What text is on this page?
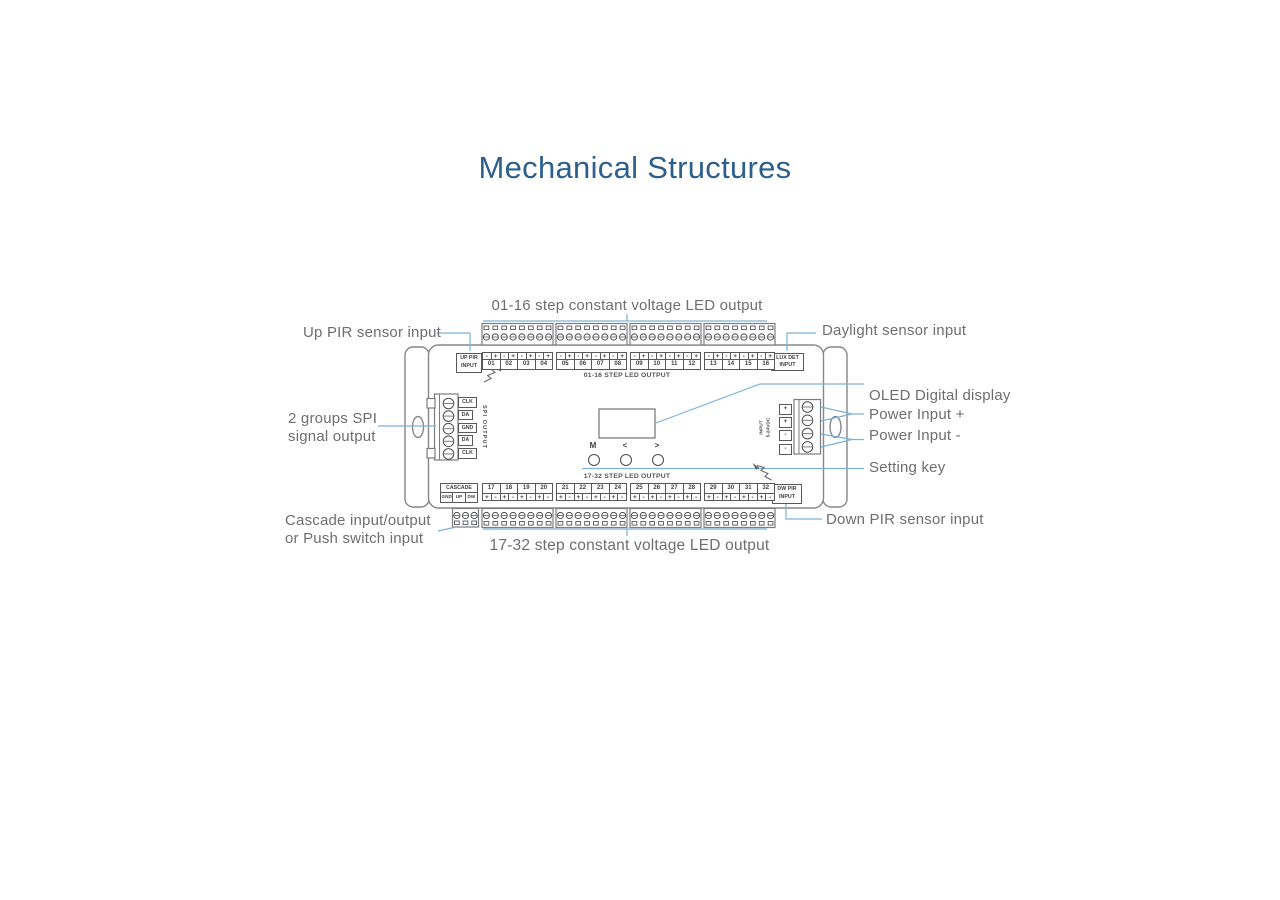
Mechanical Structures
Up PIR sensor input
01-16 step constant voltage LED output
Daylight sensor input
2 groups SPI
signal output
OLED Digital display
Power Input +
Power Input -
Setting key
Cascade input/output
or Push switch input
Down PIR sensor input
17-32 step constant voltage LED output
UP PIR
INPUT
LUX DET
INPUT
DW PIR
INPUT
01-16 STEP LED OUTPUT
17-32 STEP LED OUTPUT
CASCADE
GND UP	DW
CLK
DA
GND
DA
CLK
SPI OUTPUT	+
+
-
-
INPUT 5-24VDC
M	<	>
- +
01
- +
02
- +
03
- +
04
- +
05
- +
06
- +
07
- +
08
- +
09
- +
10
- +
11
- +
12
- +
13
- +
14
- +
15
- +
16
17
+ -
18
+ -
19
+ -
20
+ -
21
+ -
22
+ -
23
+ -
24
+ -
25
+ -
26
+ -
27
+ -
28
+ -
29
+ -
30
+ -
31
+ -
32
+ -
